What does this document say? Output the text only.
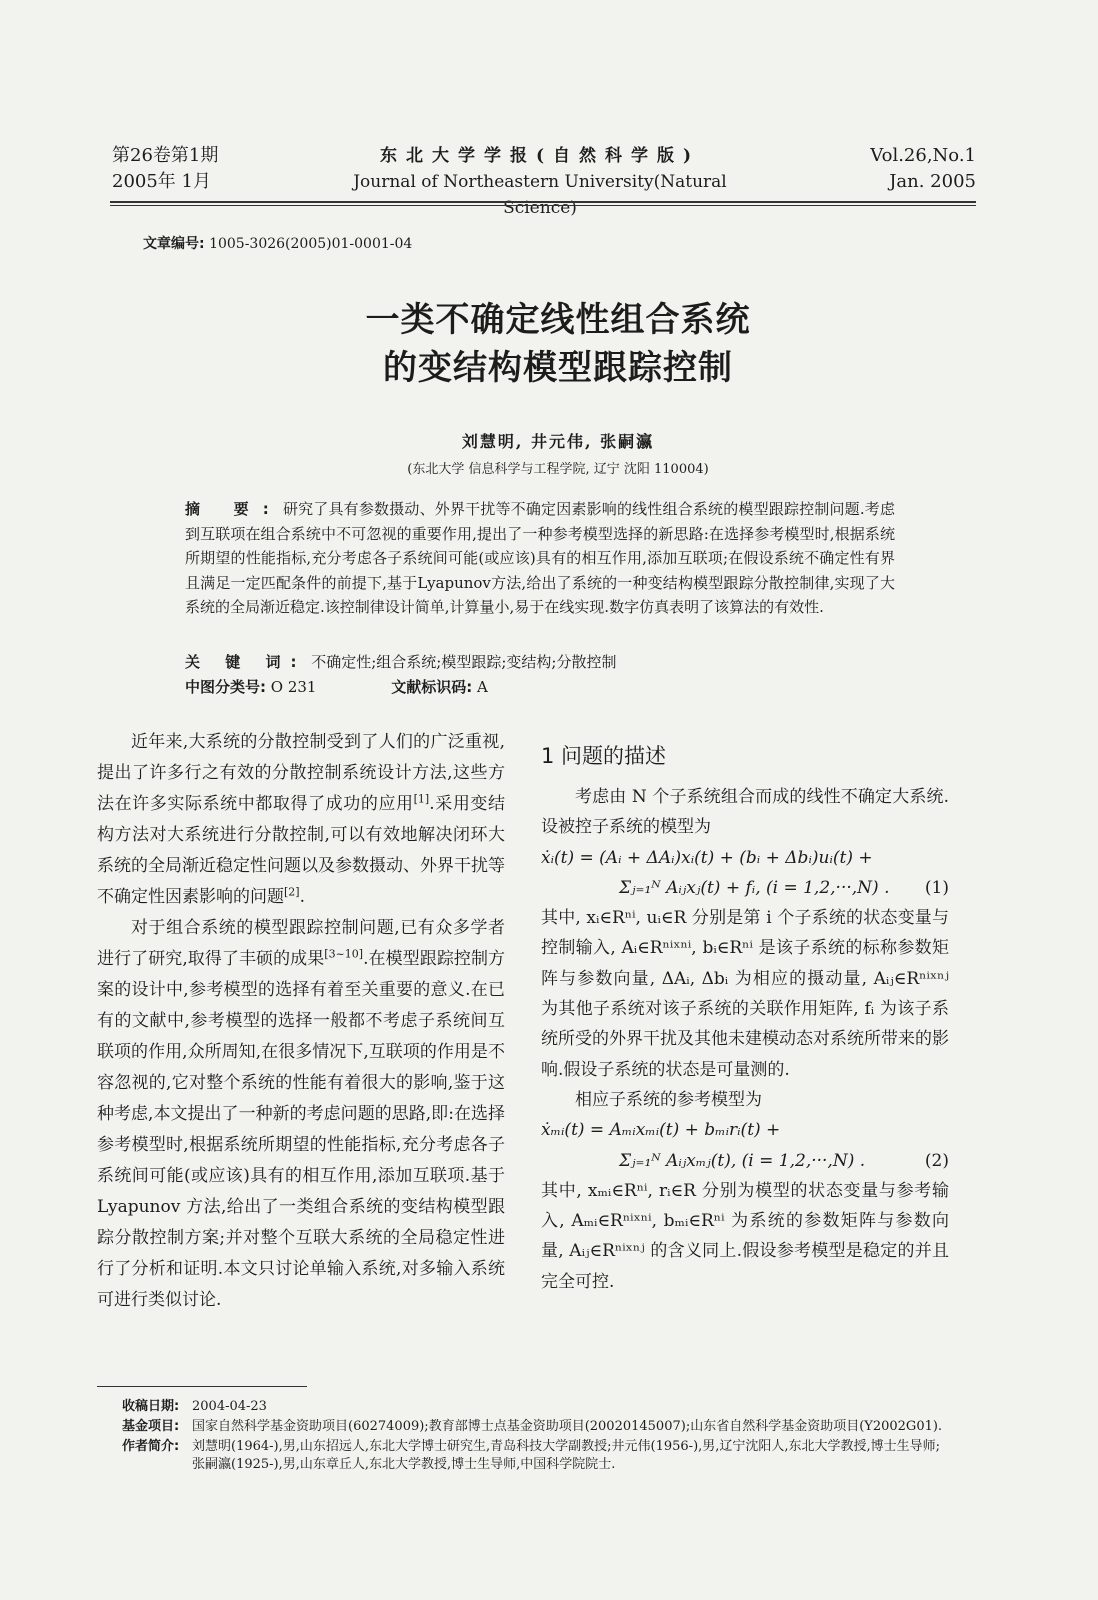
第26卷第1期
2005年 1月
东北大学学报(自然科学版)
Journal of Northeastern University(Natural Science)
Vol.26,No.1
Jan. 2005
文章编号: 1005-3026(2005)01-0001-04
一类不确定线性组合系统
的变结构模型跟踪控制
刘慧明, 井元伟, 张嗣瀛
(东北大学 信息科学与工程学院, 辽宁 沈阳 110004)
摘 要:研究了具有参数摄动、外界干扰等不确定因素影响的线性组合系统的模型跟踪控制问题.考虑到互联项在组合系统中不可忽视的重要作用,提出了一种参考模型选择的新思路:在选择参考模型时,根据系统所期望的性能指标,充分考虑各子系统间可能(或应该)具有的相互作用,添加互联项;在假设系统不确定性有界且满足一定匹配条件的前提下,基于Lyapunov方法,给出了系统的一种变结构模型跟踪分散控制律,实现了大系统的全局渐近稳定.该控制律设计简单,计算量小,易于在线实现.数字仿真表明了该算法的有效性.
关 键 词: 不确定性;组合系统;模型跟踪;变结构;分散控制
中图分类号: O 231	文献标识码: A

近年来,大系统的分散控制受到了人们的广泛重视,提出了许多行之有效的分散控制系统设计方法,这些方法在许多实际系统中都取得了成功的应用[1].采用变结构方法对大系统进行分散控制,可以有效地解决闭环大系统的全局渐近稳定性问题以及参数摄动、外界干扰等不确定性因素影响的问题[2].

对于组合系统的模型跟踪控制问题,已有众多学者进行了研究,取得了丰硕的成果[3~10].在模型跟踪控制方案的设计中,参考模型的选择有着至关重要的意义.在已有的文献中,参考模型的选择一般都不考虑子系统间互联项的作用,众所周知,在很多情况下,互联项的作用是不容忽视的,它对整个系统的性能有着很大的影响,鉴于这种考虑,本文提出了一种新的考虑问题的思路,即:在选择参考模型时,根据系统所期望的性能指标,充分考虑各子系统间可能(或应该)具有的相互作用,添加互联项.基于 Lyapunov 方法,给出了一类组合系统的变结构模型跟踪分散控制方案;并对整个互联大系统的全局稳定性进行了分析和证明.本文只讨论单输入系统,对多输入系统可进行类似讨论.

1 问题的描述

考虑由 N 个子系统组合而成的线性不确定大系统.设被控子系统的模型为

ẋᵢ(t) = (Aᵢ + ΔAᵢ)xᵢ(t) + (bᵢ + Δbᵢ)uᵢ(t) +
Σⱼ₌₁ᴺ Aᵢⱼxⱼ(t) + fᵢ, (i = 1,2,···,N) . (1)

其中, xᵢ∈Rⁿⁱ, uᵢ∈R 分别是第 i 个子系统的状态变量与控制输入, Aᵢ∈Rⁿⁱˣⁿⁱ, bᵢ∈Rⁿⁱ 是该子系统的标称参数矩阵与参数向量, ΔAᵢ, Δbᵢ 为相应的摄动量, Aᵢⱼ∈Rⁿⁱˣⁿʲ 为其他子系统对该子系统的关联作用矩阵, fᵢ 为该子系统所受的外界干扰及其他未建模动态对系统所带来的影响.假设子系统的状态是可量测的.

相应子系统的参考模型为

ẋₘᵢ(t) = Aₘᵢxₘᵢ(t) + bₘᵢrᵢ(t) +
Σⱼ₌₁ᴺ Aᵢⱼxₘⱼ(t), (i = 1,2,···,N) .	(2)

其中, xₘᵢ∈Rⁿⁱ, rᵢ∈R 分别为模型的状态变量与参考输入, Aₘᵢ∈Rⁿⁱˣⁿⁱ, bₘᵢ∈Rⁿⁱ 为系统的参数矩阵与参数向量, Aᵢⱼ∈Rⁿⁱˣⁿʲ 的含义同上.假设参考模型是稳定的并且完全可控.

收稿日期: 2004-04-23
基金项目: 国家自然科学基金资助项目(60274009);教育部博士点基金资助项目(20020145007);山东省自然科学基金资助项目(Y2002G01).
作者简介: 刘慧明(1964-),男,山东招远人,东北大学博士研究生,青岛科技大学副教授;井元伟(1956-),男,辽宁沈阳人,东北大学教授,博士生导师;张嗣瀛(1925-),男,山东章丘人,东北大学教授,博士生导师,中国科学院院士.
